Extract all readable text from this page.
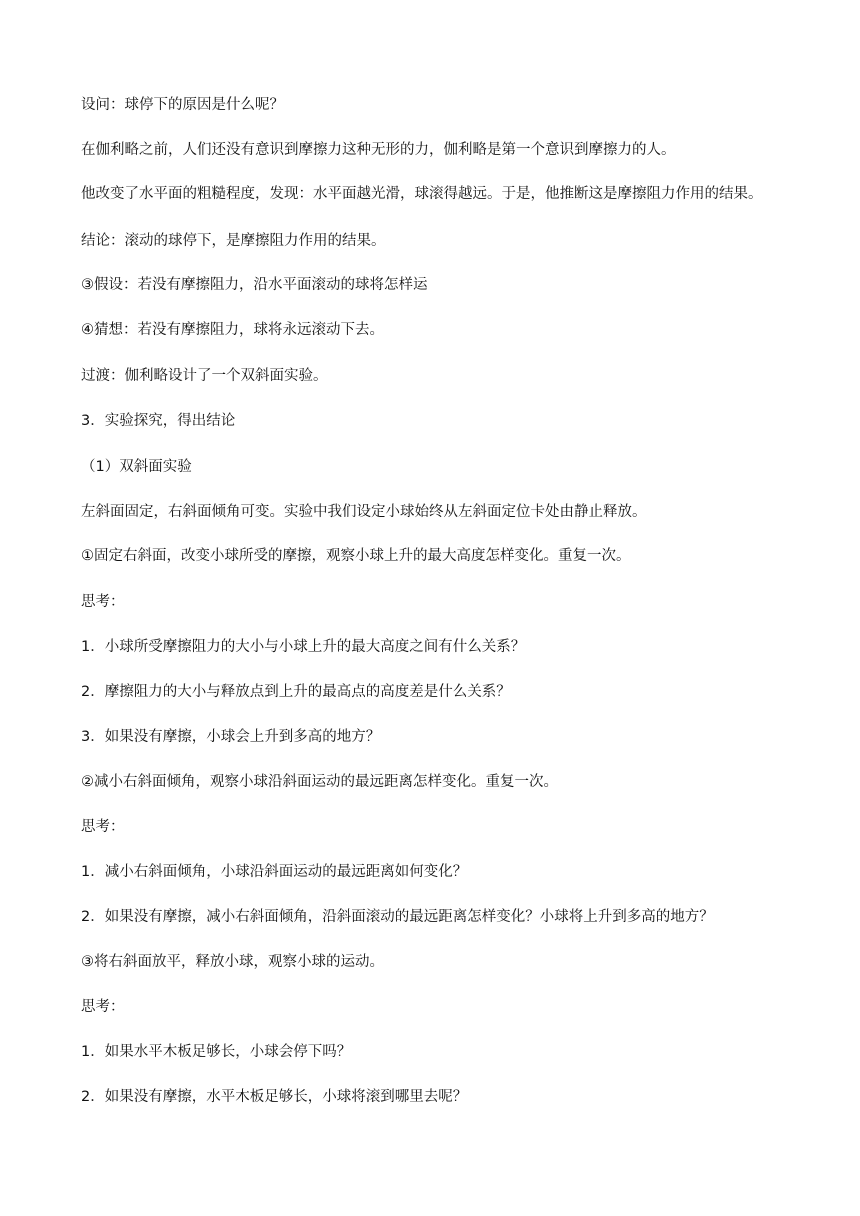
设问：球停下的原因是什么呢？
在伽利略之前，人们还没有意识到摩擦力这种无形的力，伽利略是第一个意识到摩擦力的人。
他改变了水平面的粗糙程度，发现：水平面越光滑，球滚得越远。于是，他推断这是摩擦阻力作用的结果。
结论：滚动的球停下，是摩擦阻力作用的结果。
③假设：若没有摩擦阻力，沿水平面滚动的球将怎样运
④猜想：若没有摩擦阻力，球将永远滚动下去。
过渡：伽利略设计了一个双斜面实验。
3．实验探究，得出结论
（1）双斜面实验
左斜面固定，右斜面倾角可变。实验中我们设定小球始终从左斜面定位卡处由静止释放。
①固定右斜面，改变小球所受的摩擦，观察小球上升的最大高度怎样变化。重复一次。
思考：
1．小球所受摩擦阻力的大小与小球上升的最大高度之间有什么关系？
2．摩擦阻力的大小与释放点到上升的最高点的高度差是什么关系？
3．如果没有摩擦，小球会上升到多高的地方？
②减小右斜面倾角，观察小球沿斜面运动的最远距离怎样变化。重复一次。
思考：
1．减小右斜面倾角，小球沿斜面运动的最远距离如何变化？
2．如果没有摩擦，减小右斜面倾角，沿斜面滚动的最远距离怎样变化？小球将上升到多高的地方？
③将右斜面放平，释放小球，观察小球的运动。
思考：
1．如果水平木板足够长，小球会停下吗？
2．如果没有摩擦，水平木板足够长，小球将滚到哪里去呢？
